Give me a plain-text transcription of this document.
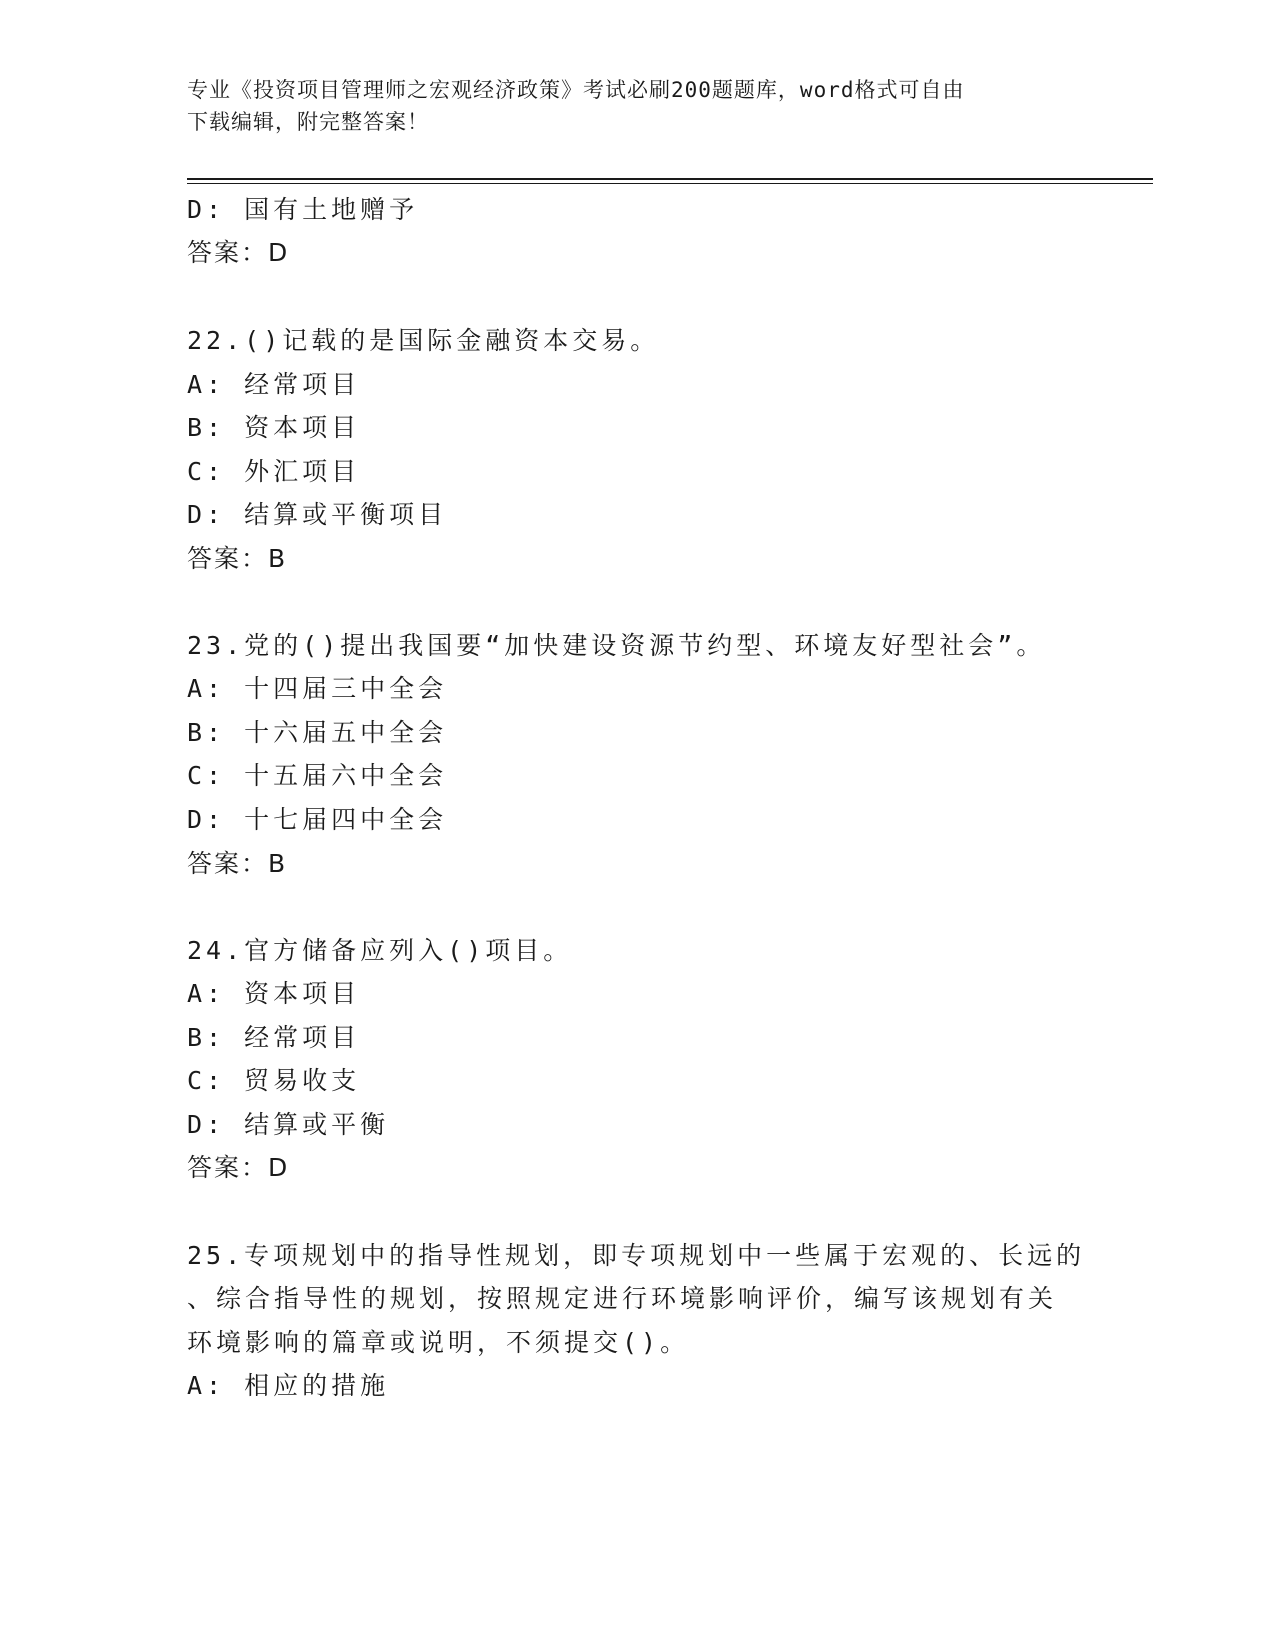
专业《投资项目管理师之宏观经济政策》考试必刷200题题库，word格式可自由
下载编辑，附完整答案！
D: 国有土地赠予
答案：D
22.()记载的是国际金融资本交易。
A: 经常项目
B: 资本项目
C: 外汇项目
D: 结算或平衡项目
答案：B
23.党的()提出我国要“加快建设资源节约型、环境友好型社会”。
A: 十四届三中全会
B: 十六届五中全会
C: 十五届六中全会
D: 十七届四中全会
答案：B
24.官方储备应列入()项目。
A: 资本项目
B: 经常项目
C: 贸易收支
D: 结算或平衡
答案：D
25.专项规划中的指导性规划，即专项规划中一些属于宏观的、长远的
、综合指导性的规划，按照规定进行环境影响评价，编写该规划有关
环境影响的篇章或说明，不须提交()。
A: 相应的措施
